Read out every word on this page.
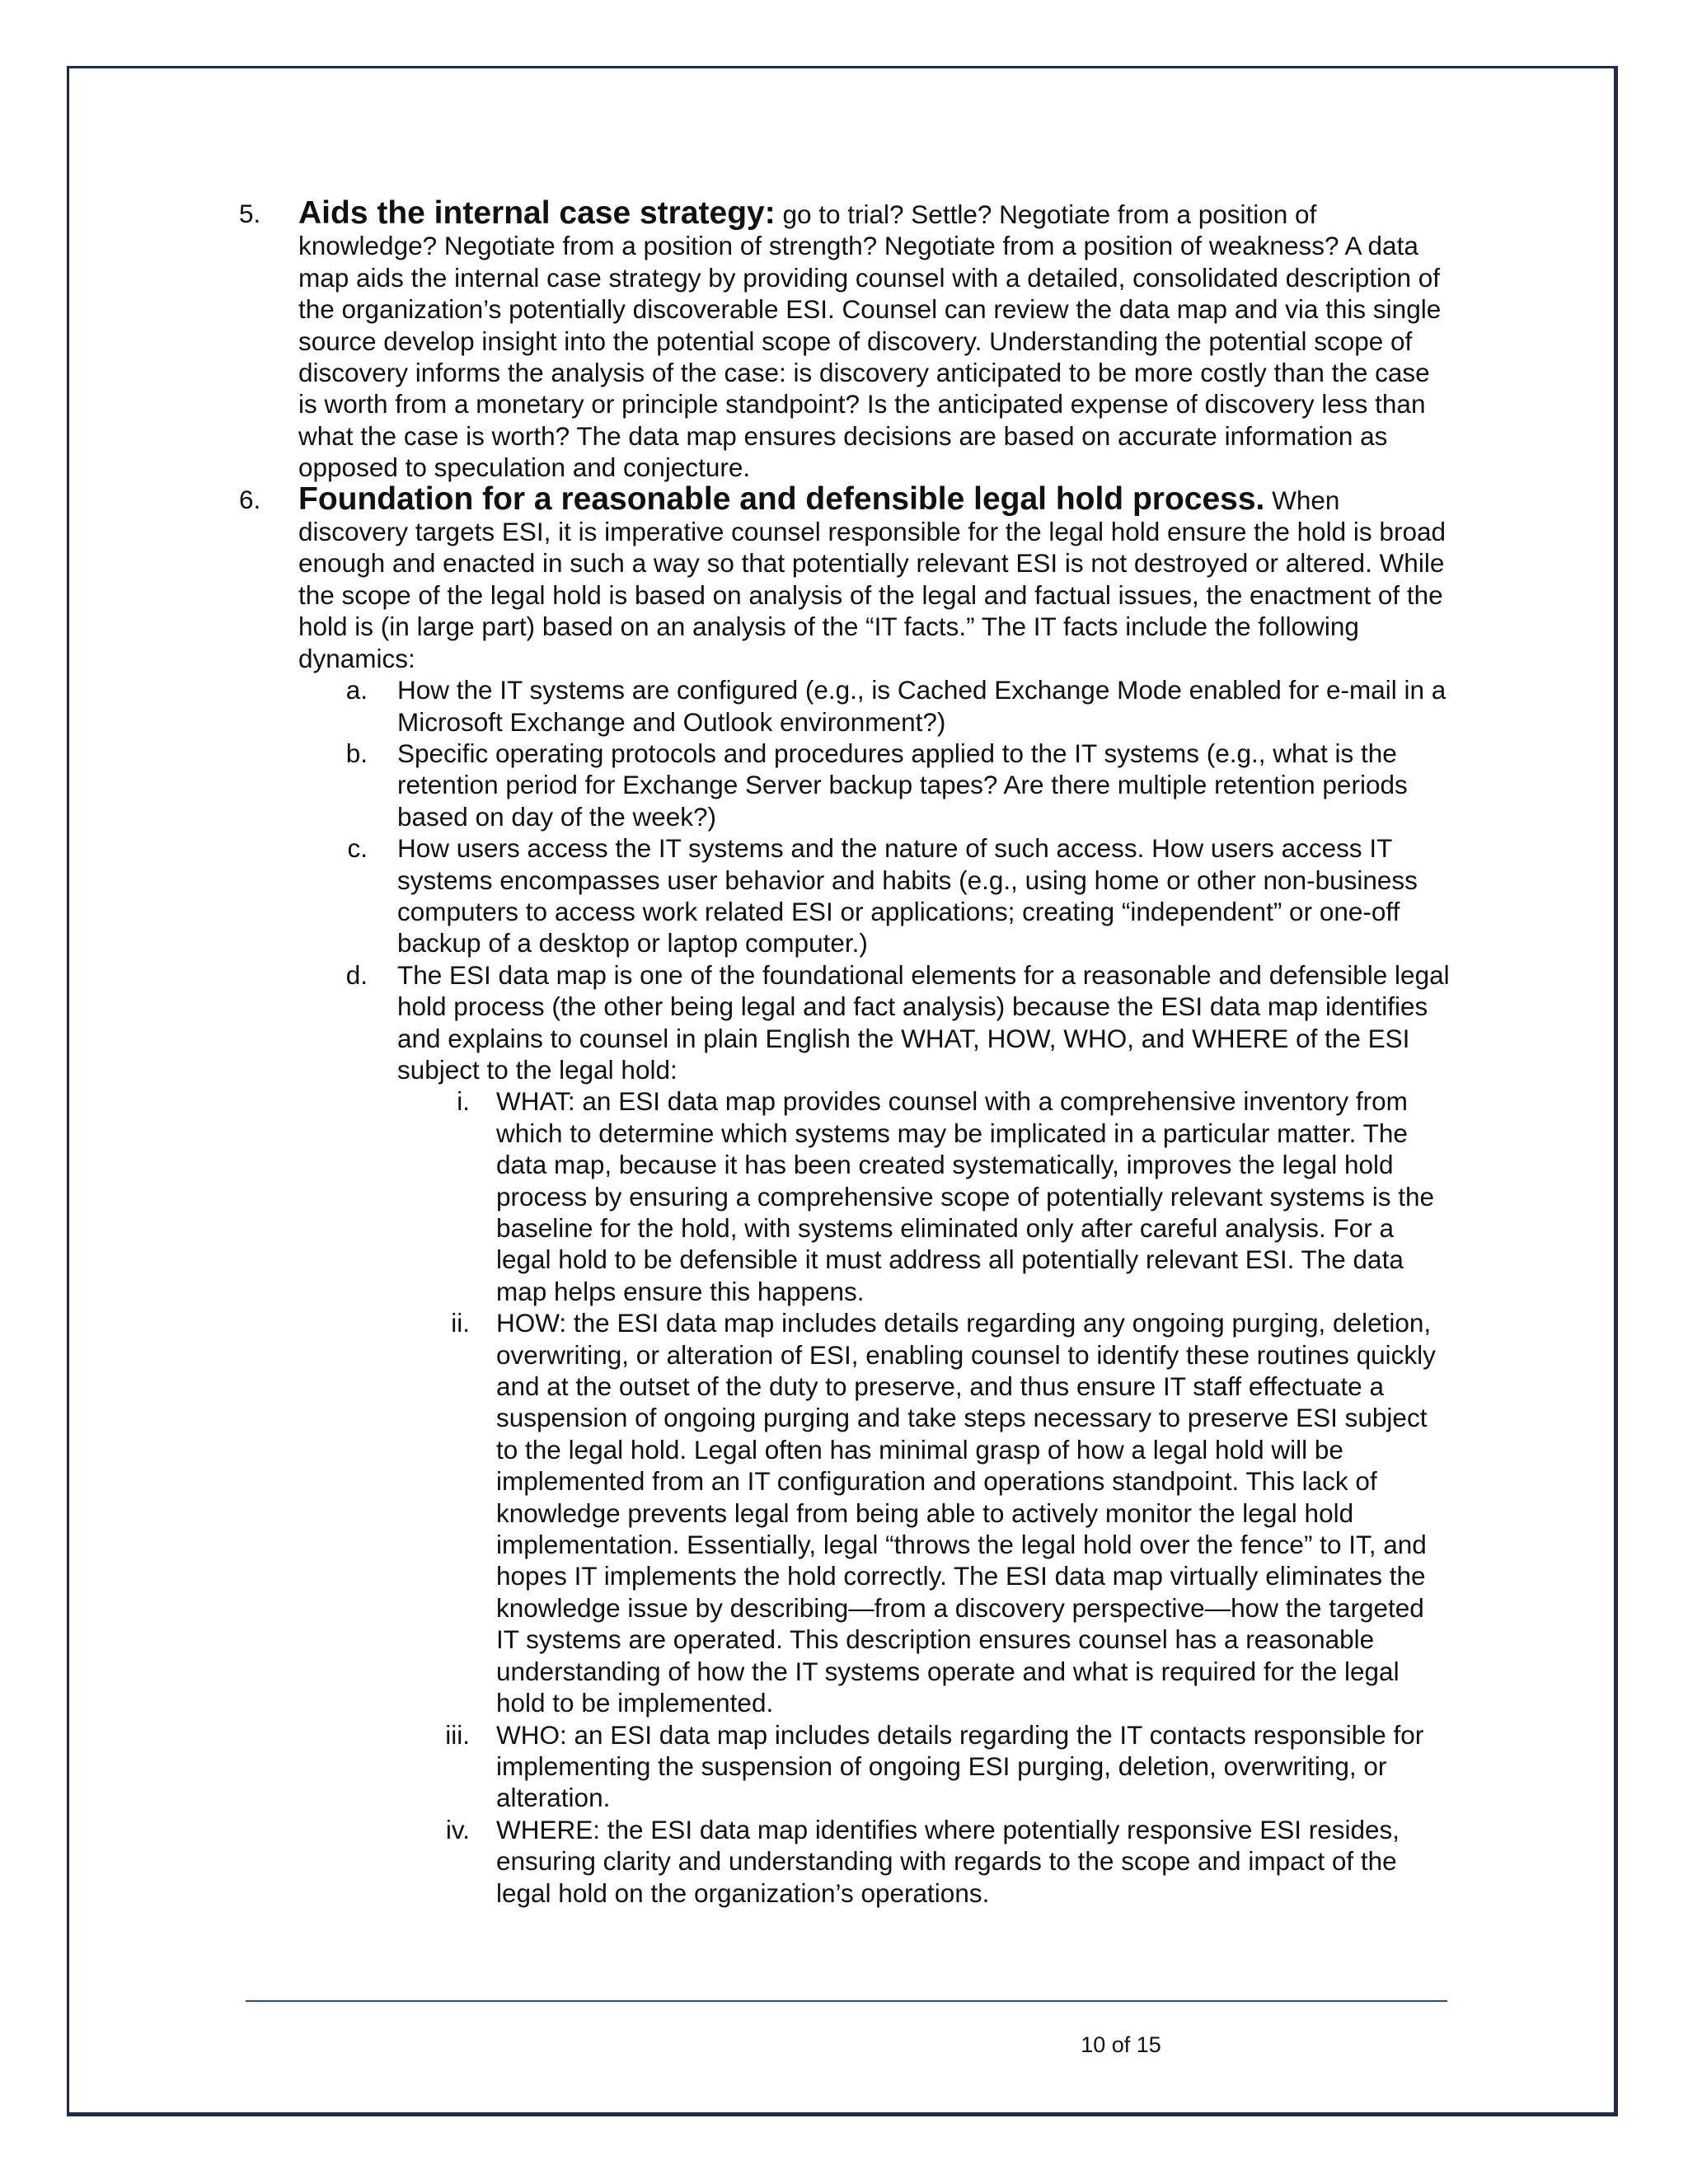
5.	Aids the internal case strategy: go to trial? Settle? Negotiate from a position of knowledge? Negotiate from a position of strength? Negotiate from a position of weakness? A data map aids the internal case strategy by providing counsel with a detailed, consolidated description of the organization’s potentially discoverable ESI. Counsel can review the data map and via this single source develop insight into the potential scope of discovery. Understanding the potential scope of discovery informs the analysis of the case: is discovery anticipated to be more costly than the case is worth from a monetary or principle standpoint? Is the anticipated expense of discovery less than what the case is worth? The data map ensures decisions are based on accurate information as opposed to speculation and conjecture.
6.	Foundation for a reasonable and defensible legal hold process. When discovery targets ESI, it is imperative counsel responsible for the legal hold ensure the hold is broad enough and enacted in such a way so that potentially relevant ESI is not destroyed or altered. While the scope of the legal hold is based on analysis of the legal and factual issues, the enactment of the hold is (in large part) based on an analysis of the “IT facts.” The IT facts include the following dynamics:
a. How the IT systems are configured (e.g., is Cached Exchange Mode enabled for e-mail in a Microsoft Exchange and Outlook environment?)
b. Specific operating protocols and procedures applied to the IT systems (e.g., what is the retention period for Exchange Server backup tapes? Are there multiple retention periods based on day of the week?)
c. How users access the IT systems and the nature of such access. How users access IT systems encompasses user behavior and habits (e.g., using home or other non-business computers to access work related ESI or applications; creating “independent” or one-off backup of a desktop or laptop computer.)
d. The ESI data map is one of the foundational elements for a reasonable and defensible legal hold process (the other being legal and fact analysis) because the ESI data map identifies and explains to counsel in plain English the WHAT, HOW, WHO, and WHERE of the ESI subject to the legal hold:
i. WHAT: an ESI data map provides counsel with a comprehensive inventory from which to determine which systems may be implicated in a particular matter. The data map, because it has been created systematically, improves the legal hold process by ensuring a comprehensive scope of potentially relevant systems is the baseline for the hold, with systems eliminated only after careful analysis. For a legal hold to be defensible it must address all potentially relevant ESI. The data map helps ensure this happens.
ii. HOW: the ESI data map includes details regarding any ongoing purging, deletion, overwriting, or alteration of ESI, enabling counsel to identify these routines quickly and at the outset of the duty to preserve, and thus ensure IT staff effectuate a suspension of ongoing purging and take steps necessary to preserve ESI subject to the legal hold. Legal often has minimal grasp of how a legal hold will be implemented from an IT configuration and operations standpoint. This lack of knowledge prevents legal from being able to actively monitor the legal hold implementation. Essentially, legal “throws the legal hold over the fence” to IT, and hopes IT implements the hold correctly. The ESI data map virtually eliminates the knowledge issue by describing—from a discovery perspective—how the targeted IT systems are operated. This description ensures counsel has a reasonable understanding of how the IT systems operate and what is required for the legal hold to be implemented.
iii. WHO: an ESI data map includes details regarding the IT contacts responsible for implementing the suspension of ongoing ESI purging, deletion, overwriting, or alteration.
iv. WHERE: the ESI data map identifies where potentially responsive ESI resides, ensuring clarity and understanding with regards to the scope and impact of the legal hold on the organization’s operations.
10 of 15
